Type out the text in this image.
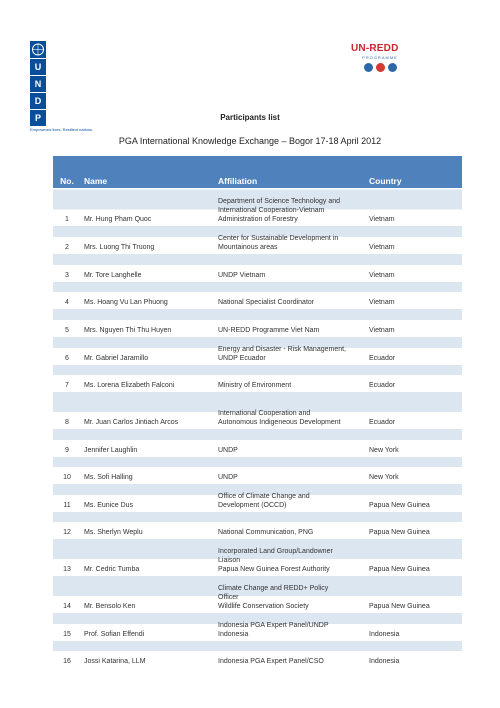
U
N
D
P
Empowered lives. Resilient nations.
UN-REDD
PROGRAMME
Participants list
PGA International Knowledge Exchange – Bogor 17-18 April 2012
No.	Name	Affiliation	Country
1	Mr. Hung Pham Quoc	Department of Science Technology and
International Cooperation-Vietnam
Administration of Forestry	Vietnam
2	Mrs. Luong Thi Truong	Center for Sustainable Development in
Mountainous areas	Vietnam
3	Mr. Tore Langhelle	UNDP Vietnam	Vietnam
4	Ms. Hoang Vu Lan Phuong	National Specialist Coordinator	Vietnam
5	Mrs. Nguyen Thi Thu Huyen	UN-REDD Programme Viet Nam	Vietnam
6	Mr. Gabriel Jaramillo	Energy and Disaster - Risk Management,
UNDP Ecuador	Ecuador
7	Ms. Lorena Elizabeth Falconi	Ministry of Environment	Ecuador
8	Mr. Juan Carlos Jintiach Arcos	International Cooperation and
Autonomous Indigeneous Development	Ecuador
9	Jennifer Laughlin	UNDP	New York
10	Ms. Sofi Halling	UNDP	New York
11	Ms. Eunice Dus	Office of Climate Change and
Development (OCCD)	Papua New Guinea
12	Ms. Sherlyn Weplu	National Communication, PNG	Papua New Guinea
13	Mr. Cedric Tumba	Incorporated Land Group/Landowner
Liaison
Papua New Guinea Forest Authority	Papua New Guinea
14	Mr. Bensolo Ken	Climate Change and REDD+ Policy
Officer
Wildlife Conservation Society	Papua New Guinea
15	Prof. Sofian Effendi	Indonesia PGA Expert Panel/UNDP
Indonesia	Indonesia
16	Jossi Katarina, LLM	Indonesia PGA Expert Panel/CSO	Indonesia
